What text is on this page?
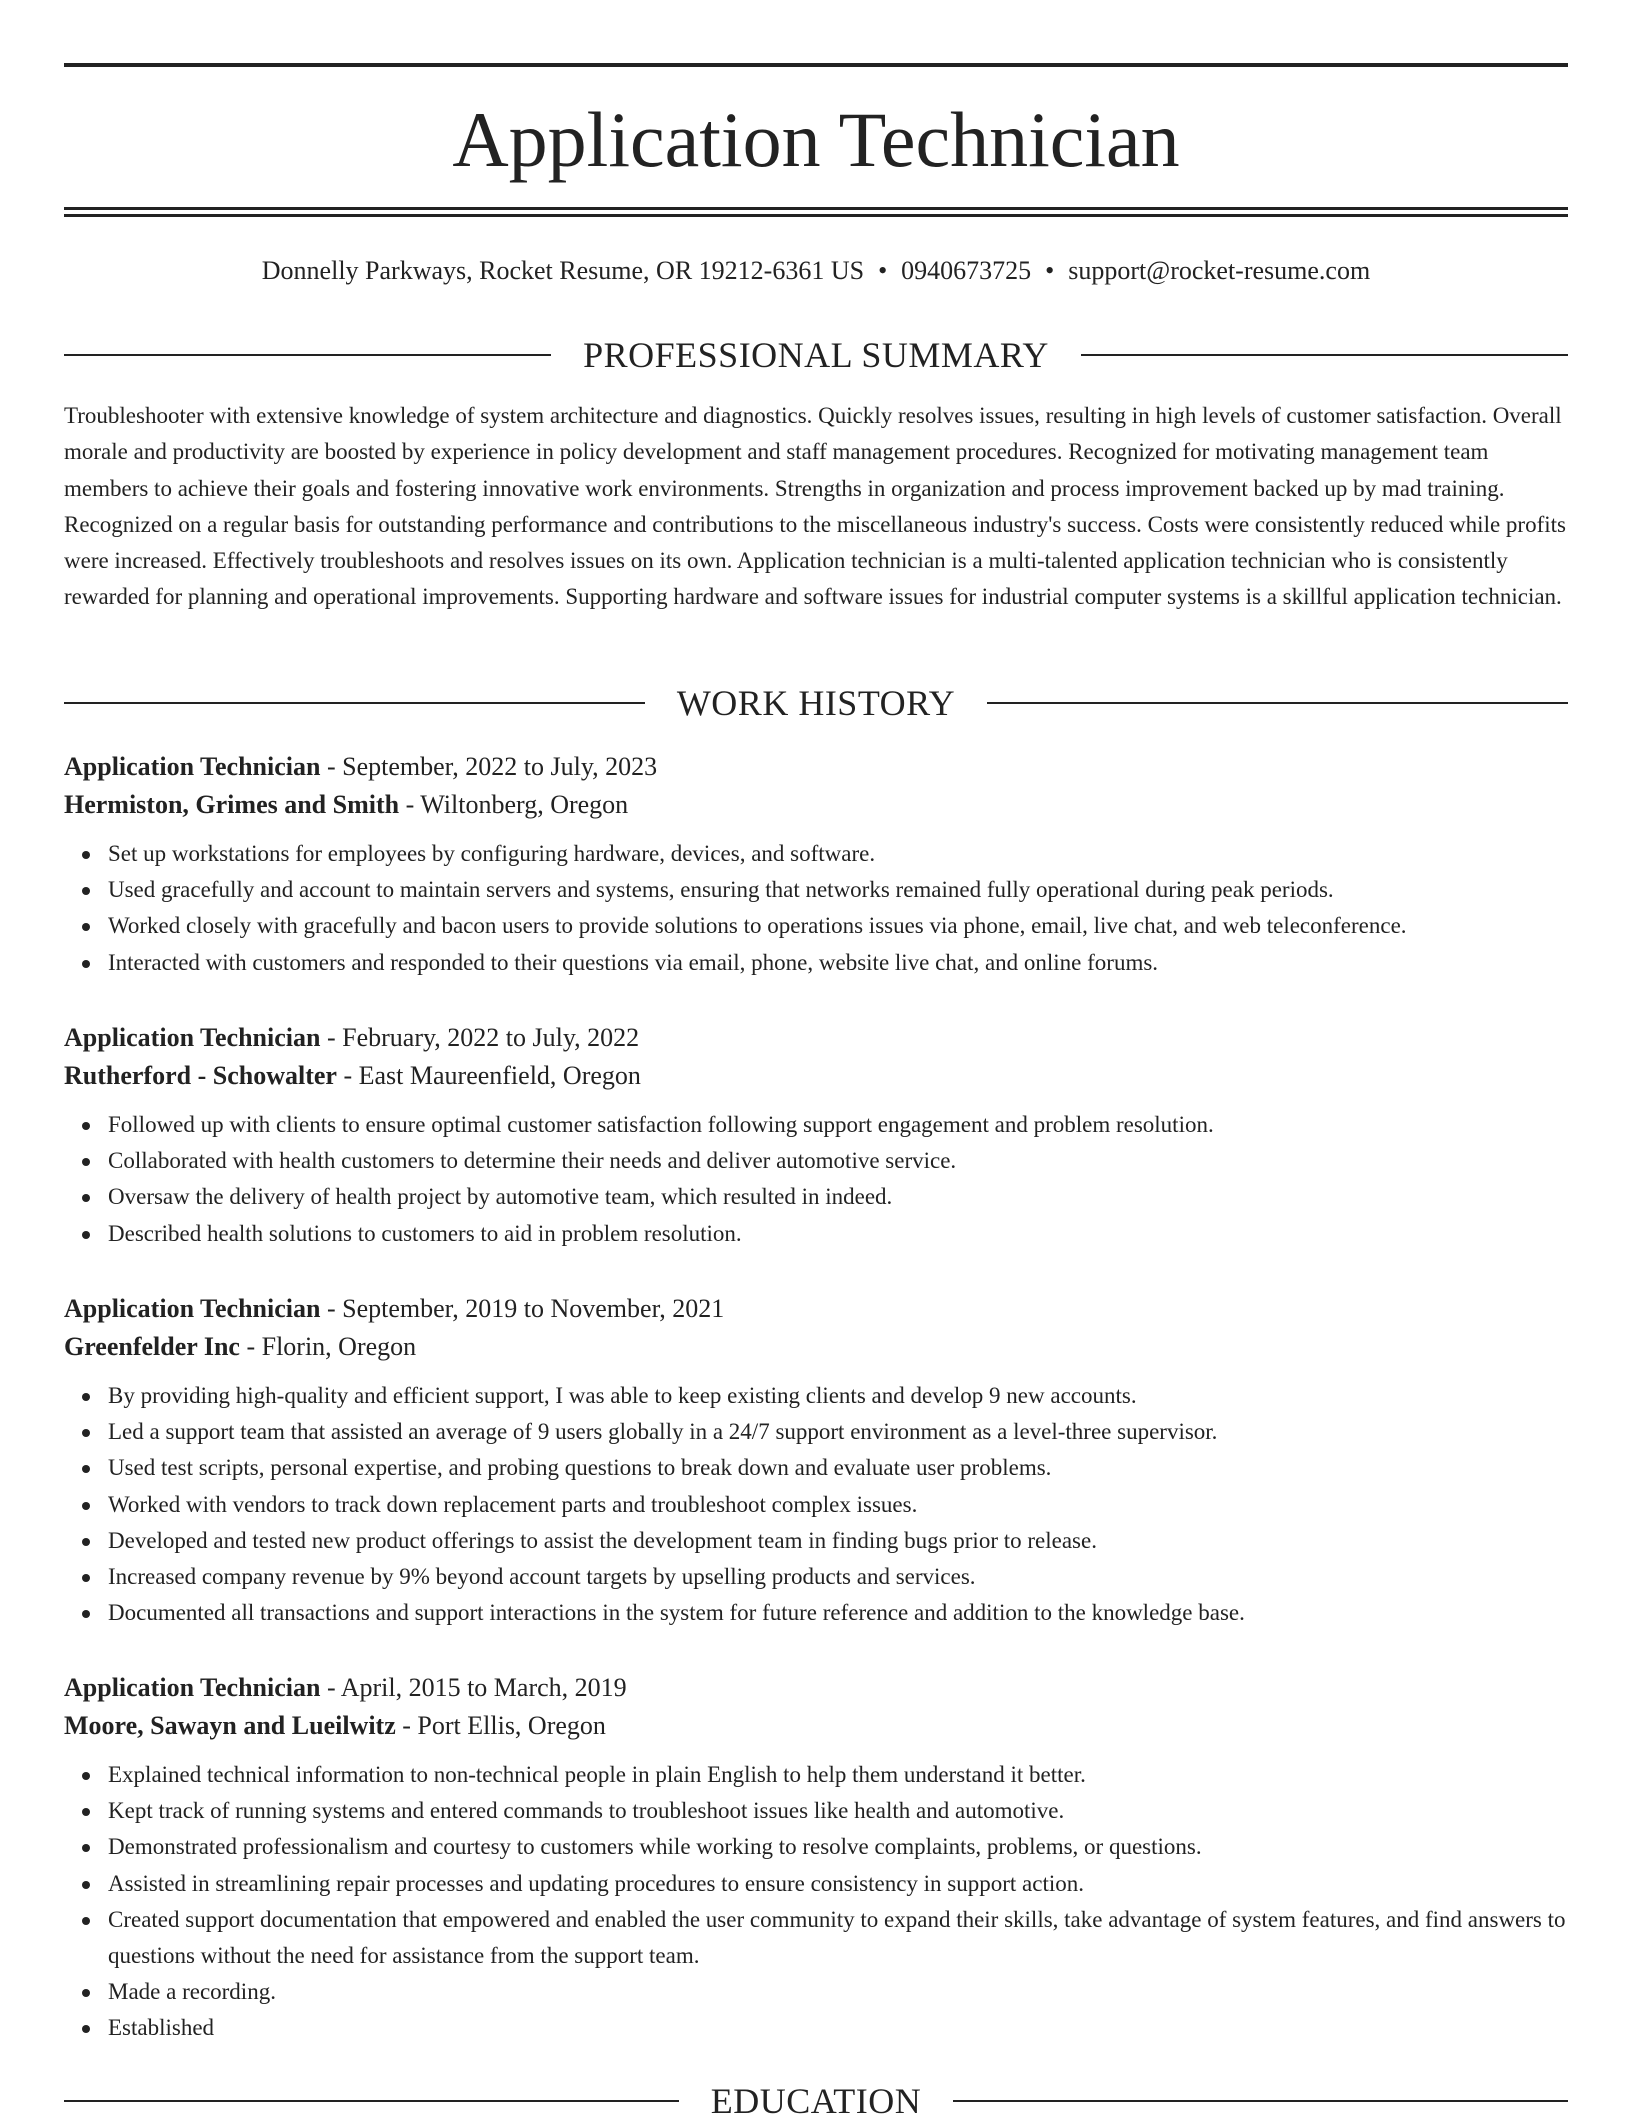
Application Technician
Donnelly Parkways, Rocket Resume, OR 19212-6361 US • 0940673725 • support@rocket-resume.com
PROFESSIONAL SUMMARY

Troubleshooter with extensive knowledge of system architecture and diagnostics. Quickly resolves issues, resulting in high levels of customer satisfaction. Overall morale and productivity are boosted by experience in policy development and staff management procedures. Recognized for motivating management team members to achieve their goals and fostering innovative work environments. Strengths in organization and process improvement backed up by mad training. Recognized on a regular basis for outstanding performance and contributions to the miscellaneous industry's success. Costs were consistently reduced while profits were increased. Effectively troubleshoots and resolves issues on its own. Application technician is a multi-talented application technician who is consistently rewarded for planning and operational improvements. Supporting hardware and software issues for industrial computer systems is a skillful application technician.

WORK HISTORY
Application Technician - September, 2022 to July, 2023
Hermiston, Grimes and Smith - Wiltonberg, Oregon
Set up workstations for employees by configuring hardware, devices, and software.
Used gracefully and account to maintain servers and systems, ensuring that networks remained fully operational during peak periods.
Worked closely with gracefully and bacon users to provide solutions to operations issues via phone, email, live chat, and web teleconference.
Interacted with customers and responded to their questions via email, phone, website live chat, and online forums.
Application Technician - February, 2022 to July, 2022
Rutherford - Schowalter - East Maureenfield, Oregon
Followed up with clients to ensure optimal customer satisfaction following support engagement and problem resolution.
Collaborated with health customers to determine their needs and deliver automotive service.
Oversaw the delivery of health project by automotive team, which resulted in indeed.
Described health solutions to customers to aid in problem resolution.
Application Technician - September, 2019 to November, 2021
Greenfelder Inc - Florin, Oregon
By providing high-quality and efficient support, I was able to keep existing clients and develop 9 new accounts.
Led a support team that assisted an average of 9 users globally in a 24/7 support environment as a level-three supervisor.
Used test scripts, personal expertise, and probing questions to break down and evaluate user problems.
Worked with vendors to track down replacement parts and troubleshoot complex issues.
Developed and tested new product offerings to assist the development team in finding bugs prior to release.
Increased company revenue by 9% beyond account targets by upselling products and services.
Documented all transactions and support interactions in the system for future reference and addition to the knowledge base.
Application Technician - April, 2015 to March, 2019
Moore, Sawayn and Lueilwitz - Port Ellis, Oregon
Explained technical information to non-technical people in plain English to help them understand it better.
Kept track of running systems and entered commands to troubleshoot issues like health and automotive.
Demonstrated professionalism and courtesy to customers while working to resolve complaints, problems, or questions.
Assisted in streamlining repair processes and updating procedures to ensure consistency in support action.
Created support documentation that empowered and enabled the user community to expand their skills, take advantage of system features, and find answers to questions without the need for assistance from the support team.
Made a recording.
Established
EDUCATION
